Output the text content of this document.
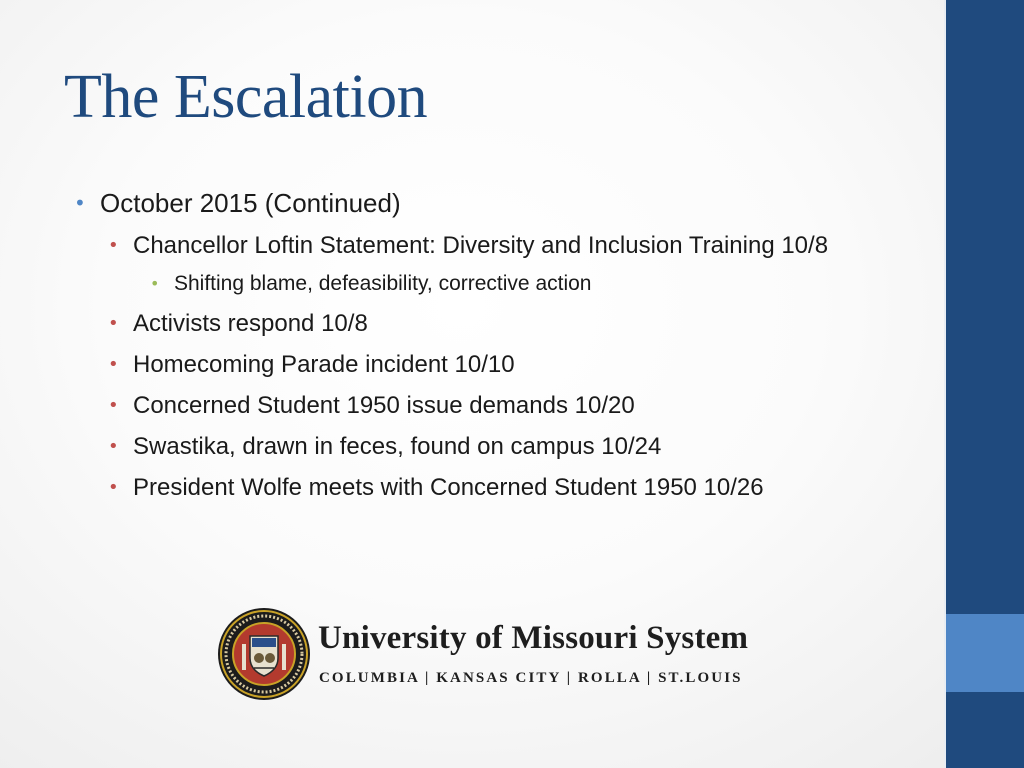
The Escalation
• October 2015 (Continued)
• Chancellor Loftin Statement: Diversity and Inclusion Training 10/8
• Shifting blame, defeasibility, corrective action
• Activists respond 10/8
• Homecoming Parade incident 10/10
• Concerned Student 1950 issue demands 10/20
• Swastika, drawn in feces, found on campus 10/24
• President Wolfe meets with Concerned Student 1950 10/26
University of Missouri System
COLUMBIA | KANSAS CITY | ROLLA | ST.LOUIS
